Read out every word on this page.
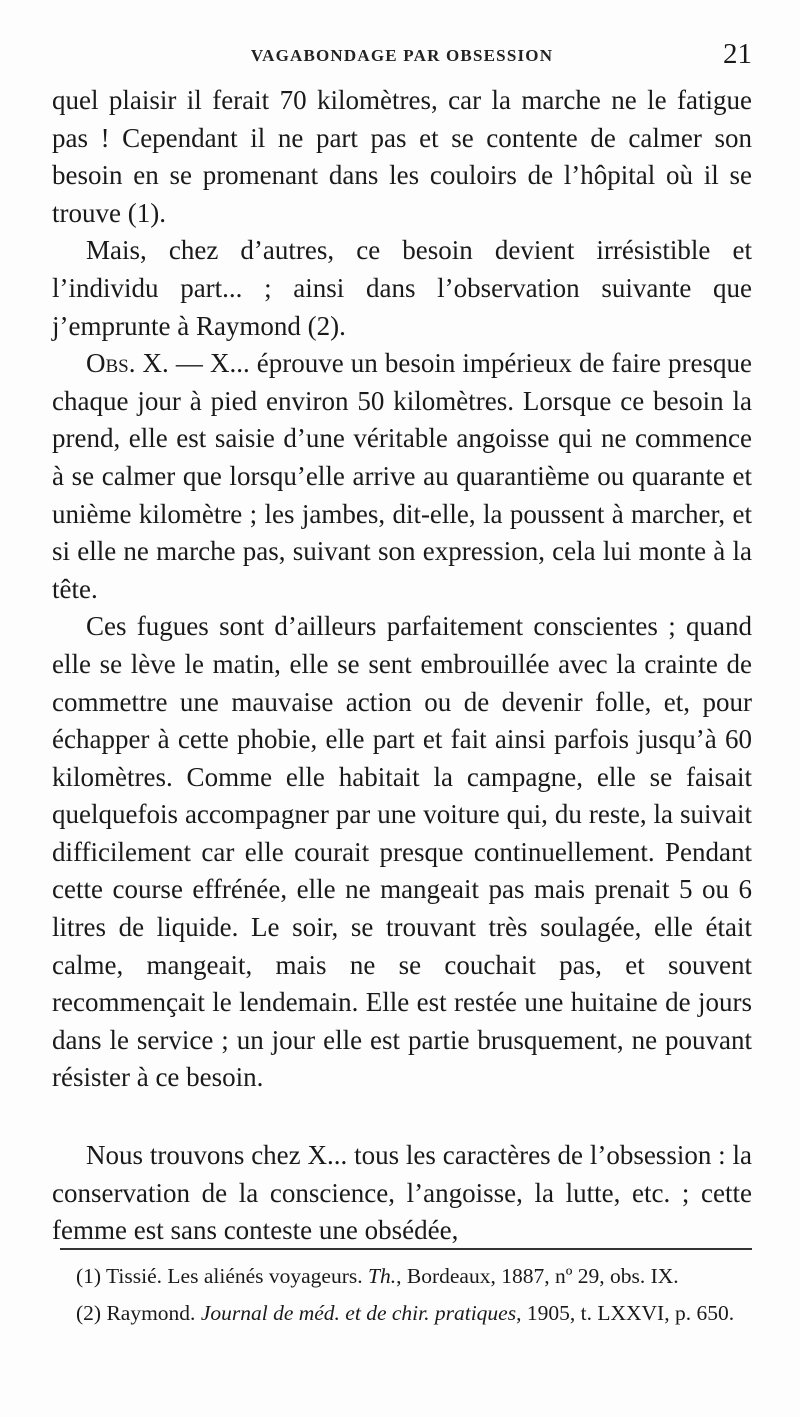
VAGABONDAGE PAR OBSESSION	21

quel plaisir il ferait 70 kilomètres, car la marche ne le fatigue pas ! Cependant il ne part pas et se contente de calmer son besoin en se promenant dans les couloirs de l’hôpital où il se trouve (1).

Mais, chez d’autres, ce besoin devient irrésistible et l’individu part... ; ainsi dans l’observation suivante que j’emprunte à Raymond (2).

Obs. X. — X... éprouve un besoin impérieux de faire presque chaque jour à pied environ 50 kilomètres. Lorsque ce besoin la prend, elle est saisie d’une véritable angoisse qui ne commence à se calmer que lorsqu’elle arrive au quarantième ou quarante et unième kilomètre ; les jambes, dit-elle, la poussent à marcher, et si elle ne marche pas, suivant son expression, cela lui monte à la tête.

Ces fugues sont d’ailleurs parfaitement conscientes ; quand elle se lève le matin, elle se sent embrouillée avec la crainte de commettre une mauvaise action ou de devenir folle, et, pour échapper à cette phobie, elle part et fait ainsi parfois jusqu’à 60 kilomètres. Comme elle habitait la campagne, elle se faisait quelquefois accompagner par une voiture qui, du reste, la suivait difficilement car elle courait presque continuellement. Pendant cette course effrénée, elle ne mangeait pas mais prenait 5 ou 6 litres de liquide. Le soir, se trouvant très soulagée, elle était calme, mangeait, mais ne se couchait pas, et souvent recommençait le lendemain. Elle est restée une huitaine de jours dans le service ; un jour elle est partie brusquement, ne pouvant résister à ce besoin.

Nous trouvons chez X... tous les caractères de l’obsession : la conservation de la conscience, l’angoisse, la lutte, etc. ; cette femme est sans conteste une obsédée,

(1) Tissié. Les aliénés voyageurs. Th., Bordeaux, 1887, nº 29, obs. IX.

(2) Raymond. Journal de méd. et de chir. pratiques, 1905, t. LXXVI, p. 650.
